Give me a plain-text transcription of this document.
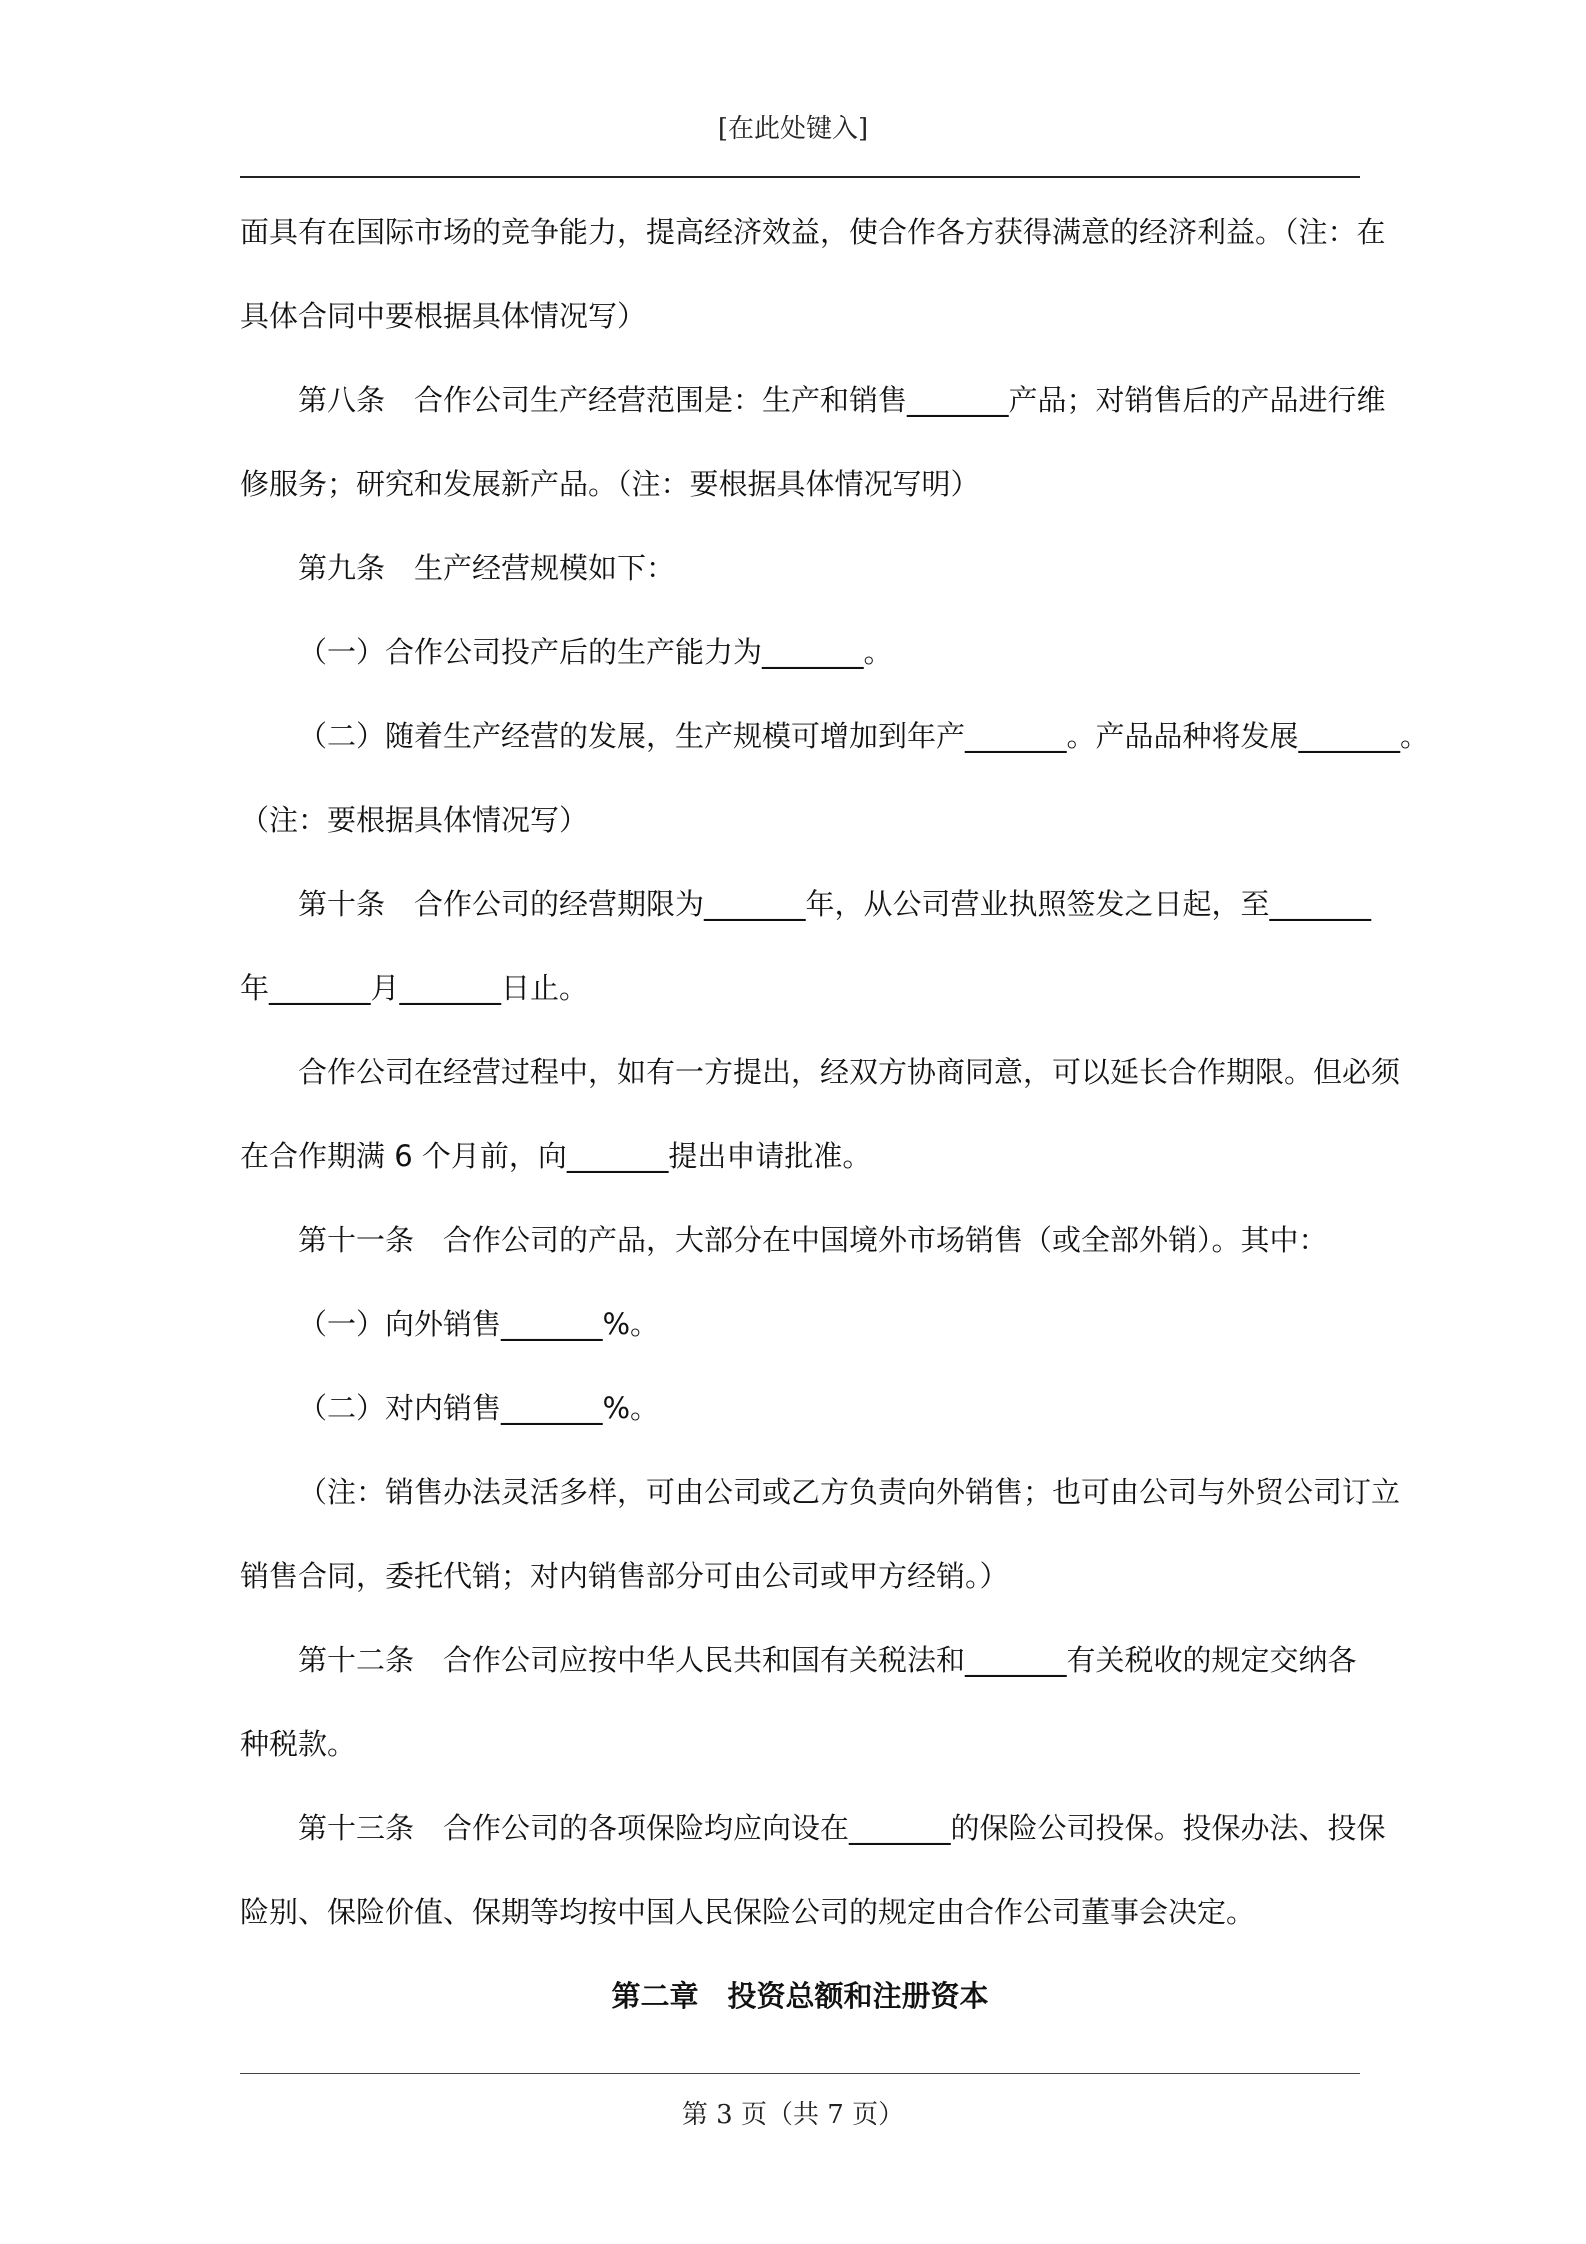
[在此处键入]
面具有在国际市场的竞争能力，提高经济效益，使合作各方获得满意的经济利益。（注：在
具体合同中要根据具体情况写）
第八条　合作公司生产经营范围是：生产和销售_______产品；对销售后的产品进行维
修服务；研究和发展新产品。（注：要根据具体情况写明）
第九条　生产经营规模如下：
（一）合作公司投产后的生产能力为_______。
（二）随着生产经营的发展，生产规模可增加到年产_______。产品品种将发展_______。
（注：要根据具体情况写）
第十条　合作公司的经营期限为_______年，从公司营业执照签发之日起，至_______
年_______月_______日止。
合作公司在经营过程中，如有一方提出，经双方协商同意，可以延长合作期限。但必须
在合作期满 6 个月前，向_______提出申请批准。
第十一条　合作公司的产品，大部分在中国境外市场销售（或全部外销）。其中：
（一）向外销售_______%。
（二）对内销售_______%。
（注：销售办法灵活多样，可由公司或乙方负责向外销售；也可由公司与外贸公司订立
销售合同，委托代销；对内销售部分可由公司或甲方经销。）
第十二条　合作公司应按中华人民共和国有关税法和_______有关税收的规定交纳各
种税款。
第十三条　合作公司的各项保险均应向设在_______的保险公司投保。投保办法、投保
险别、保险价值、保期等均按中国人民保险公司的规定由合作公司董事会决定。
第二章　投资总额和注册资本
第 3 页（共 7 页）
